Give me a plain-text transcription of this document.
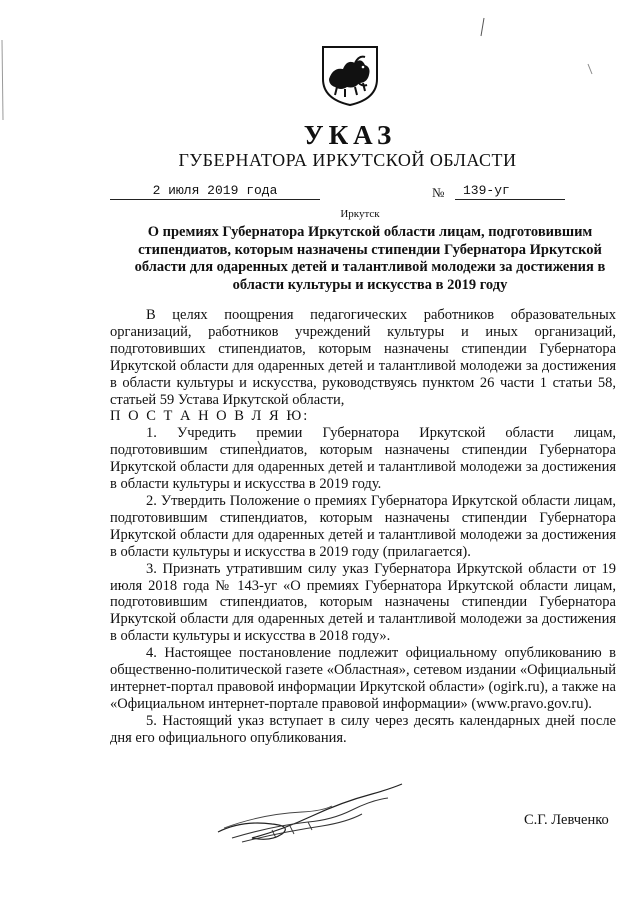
УКАЗ
ГУБЕРНАТОРА ИРКУТСКОЙ ОБЛАСТИ
2 июля 2019 года	№	139-уг
Иркутск
О премиях Губернатора Иркутской области лицам, подготовившим стипендиатов, которым назначены стипендии Губернатора Иркутской области для одаренных детей и талантливой молодежи за достижения в области культуры и искусства в 2019 году

В целях поощрения педагогических работников образовательных организаций, работников учреждений культуры и иных организаций, подготовивших стипендиатов, которым назначены стипендии Губернатора Иркутской области для одаренных детей и талантливой молодежи за достижения в области культуры и искусства, руководствуясь пунктом 26 части 1 статьи 58, статьей 59 Устава Иркутской области,

П О С Т А Н О В Л Я Ю:

1. Учредить премии Губернатора Иркутской области лицам, подготовившим стипендиатов, которым назначены стипендии Губернатора Иркутской области для одаренных детей и талантливой молодежи за достижения в области культуры и искусства в 2019 году.

2. Утвердить Положение о премиях Губернатора Иркутской области лицам, подготовившим стипендиатов, которым назначены стипендии Губернатора Иркутской области для одаренных детей и талантливой молодежи за достижения в области культуры и искусства в 2019 году (прилагается).

3. Признать утратившим силу указ Губернатора Иркутской области от 19 июля 2018 года № 143-уг «О премиях Губернатора Иркутской области лицам, подготовившим стипендиатов, которым назначены стипендии Губернатора Иркутской области для одаренных детей и талантливой молодежи за достижения в области культуры и искусства в 2018 году».

4. Настоящее постановление подлежит официальному опубликованию в общественно-политической газете «Областная», сетевом издании «Официальный интернет-портал правовой информации Иркутской области» (ogirk.ru), а также на «Официальном интернет-портале правовой информации» (www.pravo.gov.ru).

5. Настоящий указ вступает в силу через десять календарных дней после дня его официального опубликования.

С.Г. Левченко
